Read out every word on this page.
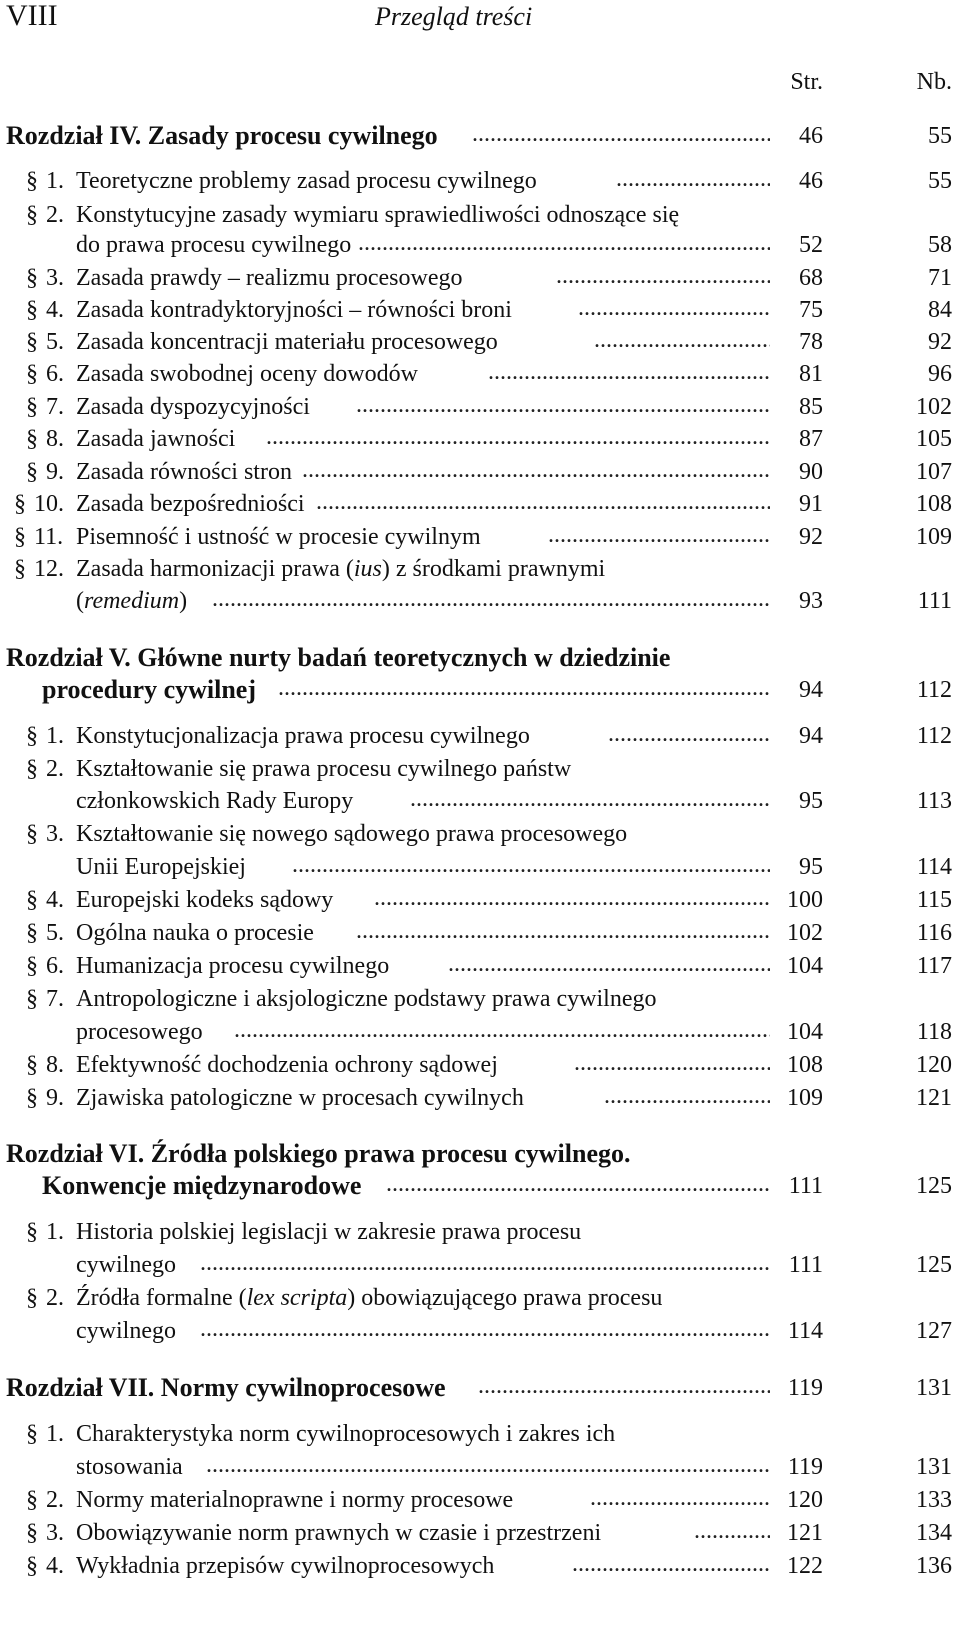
VIII	Przegląd treści
Str.	Nb.
Rozdział IV. Zasady procesu cywilnego .....	46	55
§ 1. Teoretyczne problemy zasad procesu cywilnego .....	46	55
§ 2. Konstytucyjne zasady wymiaru sprawiedliwości odnoszące się
do prawa procesu cywilnego .....	52	58
§ 3. Zasada prawdy – realizmu procesowego .....	68	71
§ 4. Zasada kontradyktoryjności – równości broni .....	75	84
§ 5. Zasada koncentracji materiału procesowego .....	78	92
§ 6. Zasada swobodnej oceny dowodów .....	81	96
§ 7. Zasada dyspozycyjności .....	85	102
§ 8. Zasada jawności .....	87	105
§ 9. Zasada równości stron .....	90	107
§ 10. Zasada bezpośredniości .....	91	108
§ 11. Pisemność i ustność w procesie cywilnym .....	92	109
§ 12. Zasada harmonizacji prawa (ius) z środkami prawnymi
(remedium) .....	93	111
Rozdział V. Główne nurty badań teoretycznych w dziedzinie
procedury cywilnej .....	94	112
§ 1. Konstytucjonalizacja prawa procesu cywilnego .....	94	112
§ 2. Kształtowanie się prawa procesu cywilnego państw
członkowskich Rady Europy .....	95	113
§ 3. Kształtowanie się nowego sądowego prawa procesowego
Unii Europejskiej .....	95	114
§ 4. Europejski kodeks sądowy .....	100	115
§ 5. Ogólna nauka o procesie .....	102	116
§ 6. Humanizacja procesu cywilnego .....	104	117
§ 7. Antropologiczne i aksjologiczne podstawy prawa cywilnego
procesowego .....	104	118
§ 8. Efektywność dochodzenia ochrony sądowej .....	108	120
§ 9. Zjawiska patologiczne w procesach cywilnych .....	109	121
Rozdział VI. Źródła polskiego prawa procesu cywilnego.
Konwencje międzynarodowe .....	111	125
§ 1. Historia polskiej legislacji w zakresie prawa procesu
cywilnego .....	111	125
§ 2. Źródła formalne (lex scripta) obowiązującego prawa procesu
cywilnego .....	114	127
Rozdział VII. Normy cywilnoprocesowe .....	119	131
§ 1. Charakterystyka norm cywilnoprocesowych i zakres ich
stosowania .....	119	131
§ 2. Normy materialnoprawne i normy procesowe .....	120	133
§ 3. Obowiązywanie norm prawnych w czasie i przestrzeni .....	121	134
§ 4. Wykładnia przepisów cywilnoprocesowych .....	122	136
